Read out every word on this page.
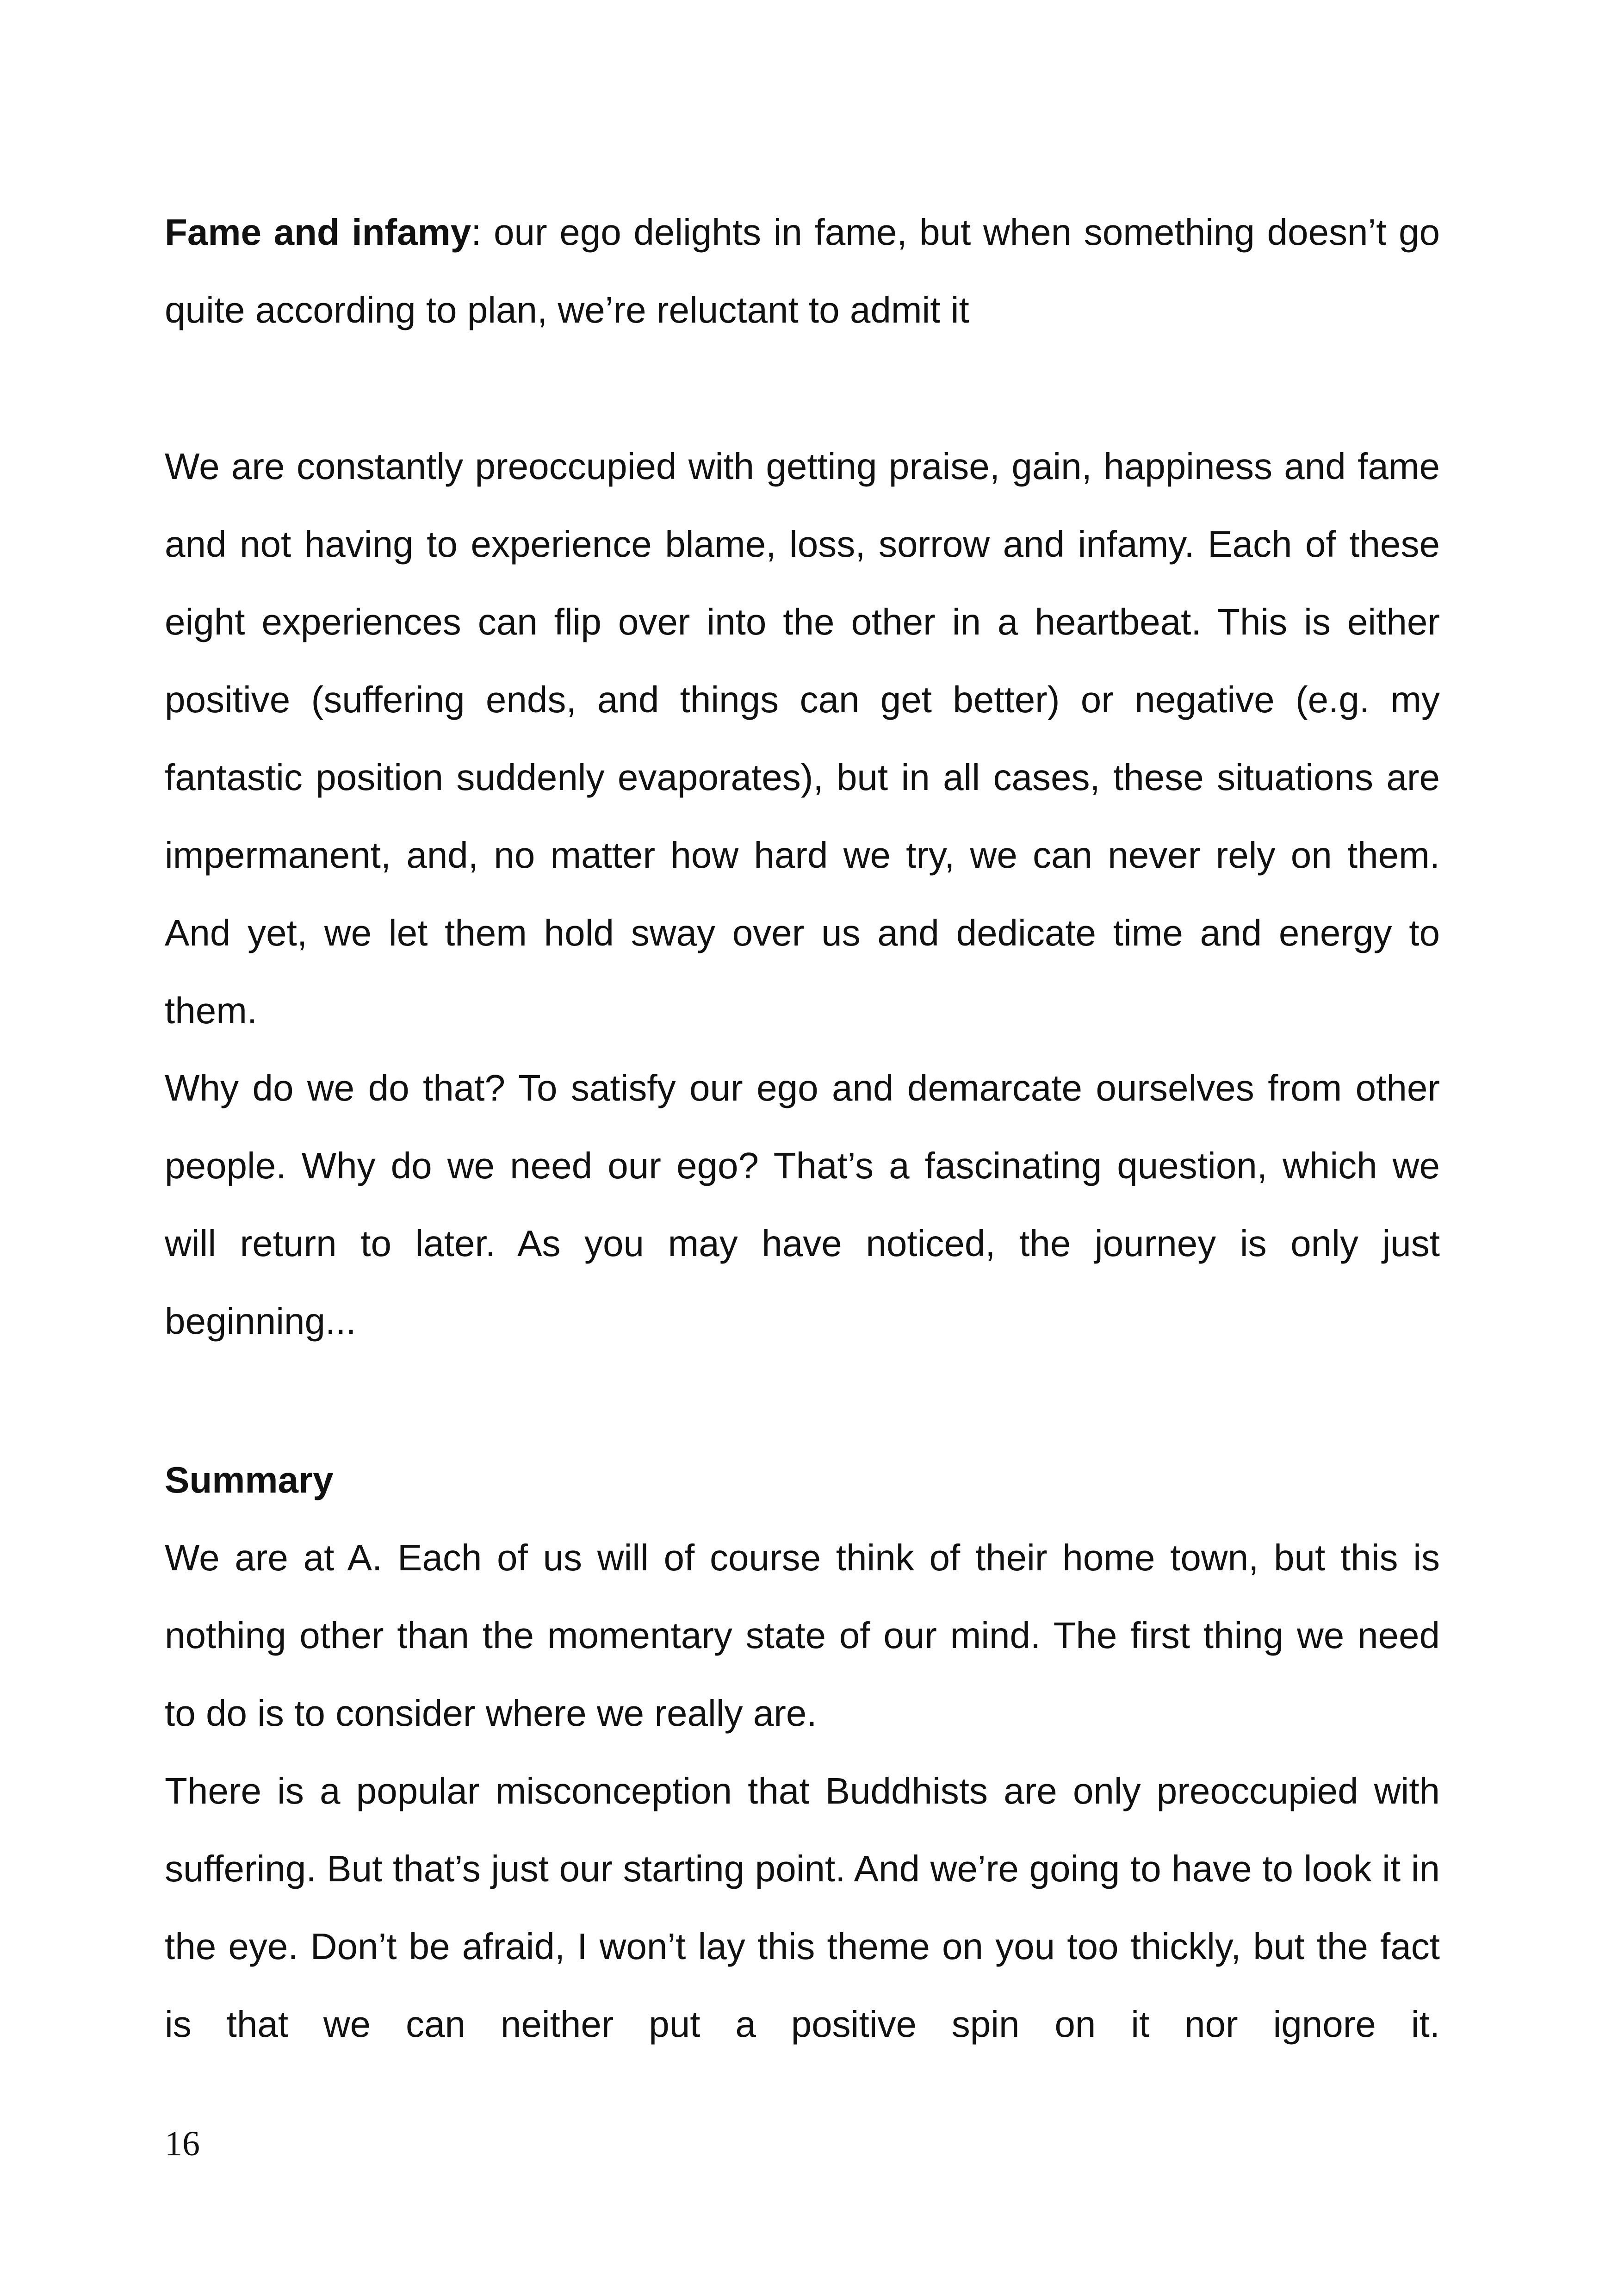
Fame and infamy: our ego delights in fame, but when something doesn’t go quite according to plan, we’re reluctant to admit it

We are constantly preoccupied with getting praise, gain, happiness and fame and not having to experience blame, loss, sorrow and infamy. Each of these eight experiences can flip over into the other in a heartbeat. This is either positive (suffering ends, and things can get better) or negative (e.g. my fantastic position suddenly evaporates), but in all cases, these situations are impermanent, and, no matter how hard we try, we can never rely on them. And yet, we let them hold sway over us and dedicate time and energy to them.

Why do we do that? To satisfy our ego and demarcate ourselves from other people. Why do we need our ego? That’s a fascinating question, which we will return to later. As you may have noticed, the journey is only just beginning...

Summary

We are at A. Each of us will of course think of their home town, but this is nothing other than the momentary state of our mind. The first thing we need to do is to consider where we really are.

There is a popular misconception that Buddhists are only preoccupied with suffering. But that’s just our starting point. And we’re going to have to look it in the eye. Don’t be afraid, I won’t lay this theme on you too thickly, but the fact is that we can neither put a positive spin on it nor ignore it.

16
